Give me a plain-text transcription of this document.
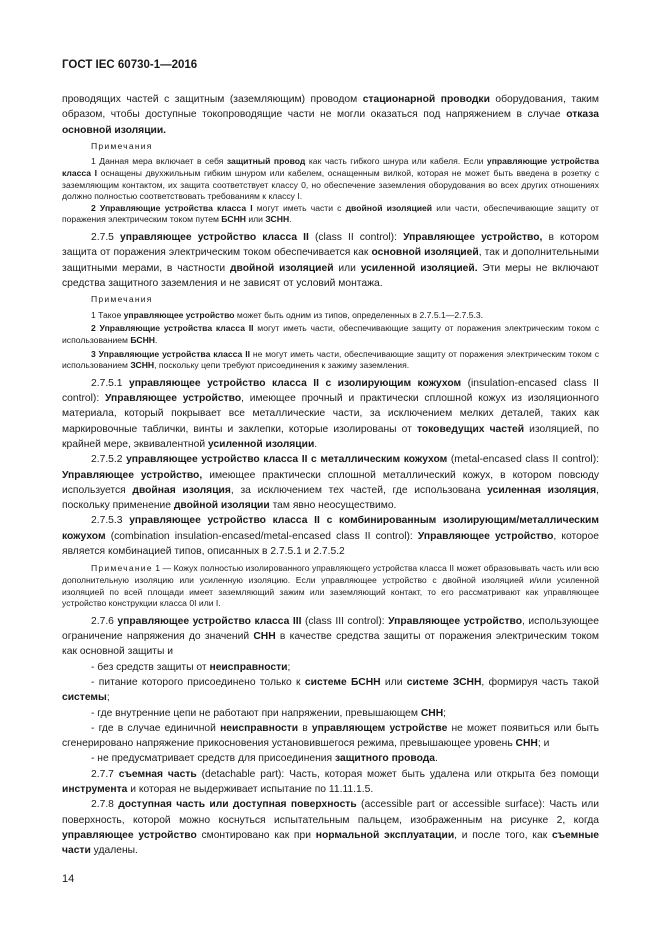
ГОСТ IEC 60730-1—2016

проводящих частей с защитным (заземляющим) проводом стационарной проводки оборудования, таким образом, чтобы доступные токопроводящие части не могли оказаться под напряжением в случае отказа основной изоляции.

Примечания

1 Данная мера включает в себя защитный провод как часть гибкого шнура или кабеля. Если управляющие устройства класса I оснащены двухжильным гибким шнуром или кабелем, оснащенным вилкой, которая не может быть введена в розетку с заземляющим контактом, их защита соответствует классу 0, но обеспечение заземления оборудования во всех других отношениях должно полностью соответствовать требованиям к классу I.

2 Управляющие устройства класса I могут иметь части с двойной изоляцией или части, обеспечивающие защиту от поражения электрическим током путем БСНН или ЗСНН.

2.7.5 управляющее устройство класса II (class II control): Управляющее устройство, в котором защита от поражения электрическим током обеспечивается как основной изоляцией, так и дополнительными защитными мерами, в частности двойной изоляцией или усиленной изоляцией. Эти меры не включают средства защитного заземления и не зависят от условий монтажа.

Примечания

1 Такое управляющее устройство может быть одним из типов, определенных в 2.7.5.1—2.7.5.3.

2 Управляющие устройства класса II могут иметь части, обеспечивающие защиту от поражения электрическим током с использованием БСНН.

3 Управляющие устройства класса II не могут иметь части, обеспечивающие защиту от поражения электрическим током с использованием ЗСНН, поскольку цепи требуют присоединения к зажиму заземления.

2.7.5.1 управляющее устройство класса II с изолирующим кожухом (insulation-encased class II control): Управляющее устройство, имеющее прочный и практически сплошной кожух из изоляционного материала, который покрывает все металлические части, за исключением мелких деталей, таких как маркировочные таблички, винты и заклепки, которые изолированы от токоведущих частей изоляцией, по крайней мере, эквивалентной усиленной изоляции.

2.7.5.2 управляющее устройство класса II с металлическим кожухом (metal-encased class II control): Управляющее устройство, имеющее практически сплошной металлический кожух, в котором повсюду используется двойная изоляция, за исключением тех частей, где использована усиленная изоляция, поскольку применение двойной изоляции там явно неосуществимо.

2.7.5.3 управляющее устройство класса II с комбинированным изолирующим/металлическим кожухом (combination insulation-encased/metal-encased class II control): Управляющее устройство, которое является комбинацией типов, описанных в 2.7.5.1 и 2.7.5.2

Примечание 1 — Кожух полностью изолированного управляющего устройства класса II может образовывать часть или всю дополнительную изоляцию или усиленную изоляцию. Если управляющее устройство с двойной изоляцией и/или усиленной изоляцией по всей площади имеет заземляющий зажим или заземляющий контакт, то его рассматривают как управляющее устройство конструкции класса 0I или I.

2.7.6 управляющее устройство класса III (class III control): Управляющее устройство, использующее ограничение напряжения до значений СНН в качестве средства защиты от поражения электрическим током как основной защиты и

- без средств защиты от неисправности;

- питание которого присоединено только к системе БСНН или системе ЗСНН, формируя часть такой системы;

- где внутренние цепи не работают при напряжении, превышающем СНН;

- где в случае единичной неисправности в управляющем устройстве не может появиться или быть сгенерировано напряжение прикосновения установившегося режима, превышающее уровень СНН; и

- не предусматривает средств для присоединения защитного провода.

2.7.7 съемная часть (detachable part): Часть, которая может быть удалена или открыта без помощи инструмента и которая не выдерживает испытание по 11.11.1.5.

2.7.8 доступная часть или доступная поверхность (accessible part or accessible surface): Часть или поверхность, которой можно коснуться испытательным пальцем, изображенным на рисунке 2, когда управляющее устройство смонтировано как при нормальной эксплуатации, и после того, как съемные части удалены.

14
